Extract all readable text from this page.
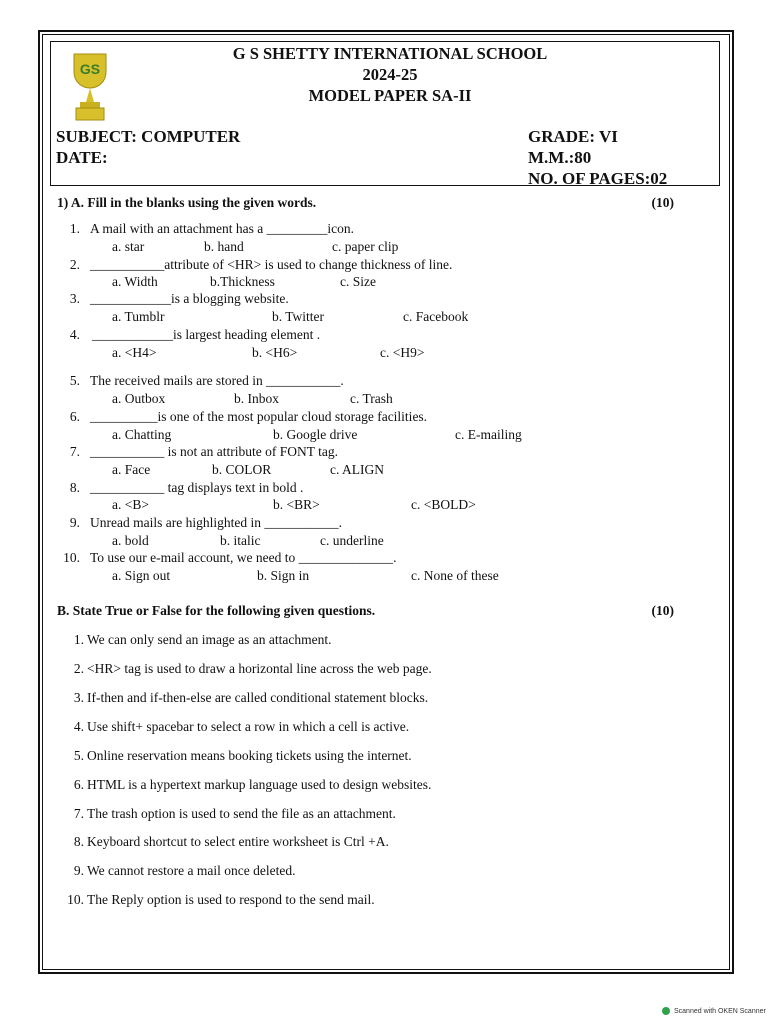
GS
G S SHETTY INTERNATIONAL SCHOOL
2024-25
MODEL PAPER SA-II
SUBJECT: COMPUTER
DATE:
GRADE: VI
M.M.:80
NO. OF PAGES:02
1) A. Fill in the blanks using the given words.	(10)
1. A mail with an attachment has a _________icon.
a. star	b. hand	c. paper clip
2. ___________attribute of <HR> is used to change thickness of line.
a. Width	b.Thickness	c. Size
3. ____________is a blogging website.
a. Tumblr	b. Twitter	c. Facebook
4. ____________is largest heading element .
a. <H4>	b. <H6>	c. <H9>
5. The received mails are stored in ___________.
a. Outbox	b. Inbox	c. Trash
6. __________is one of the most popular cloud storage facilities.
a. Chatting	b. Google drive	c. E-mailing
7. ___________ is not an attribute of FONT tag.
a. Face	b. COLOR	c. ALIGN
8. ___________ tag displays text in bold .
a. <B>	b. <BR>	c. <BOLD>
9. Unread mails are highlighted in ___________.
a. bold	b. italic	c. underline
10. To use our e-mail account, we need to ______________.
a. Sign out	b. Sign in	c. None of these
B. State True or False for the following given questions.	(10)
1. We can only send an image as an attachment.
2. <HR> tag is used to draw a horizontal line across the web page.
3. If-then and if-then-else are called conditional statement blocks.
4. Use shift+ spacebar to select a row in which a cell is active.
5. Online reservation means booking tickets using the internet.
6. HTML is a hypertext markup language used to design websites.
7. The trash option is used to send the file as an attachment.
8. Keyboard shortcut to select entire worksheet is Ctrl +A.
9. We cannot restore a mail once deleted.
10. The Reply option is used to respond to the send mail.
Scanned with OKEN Scanner
